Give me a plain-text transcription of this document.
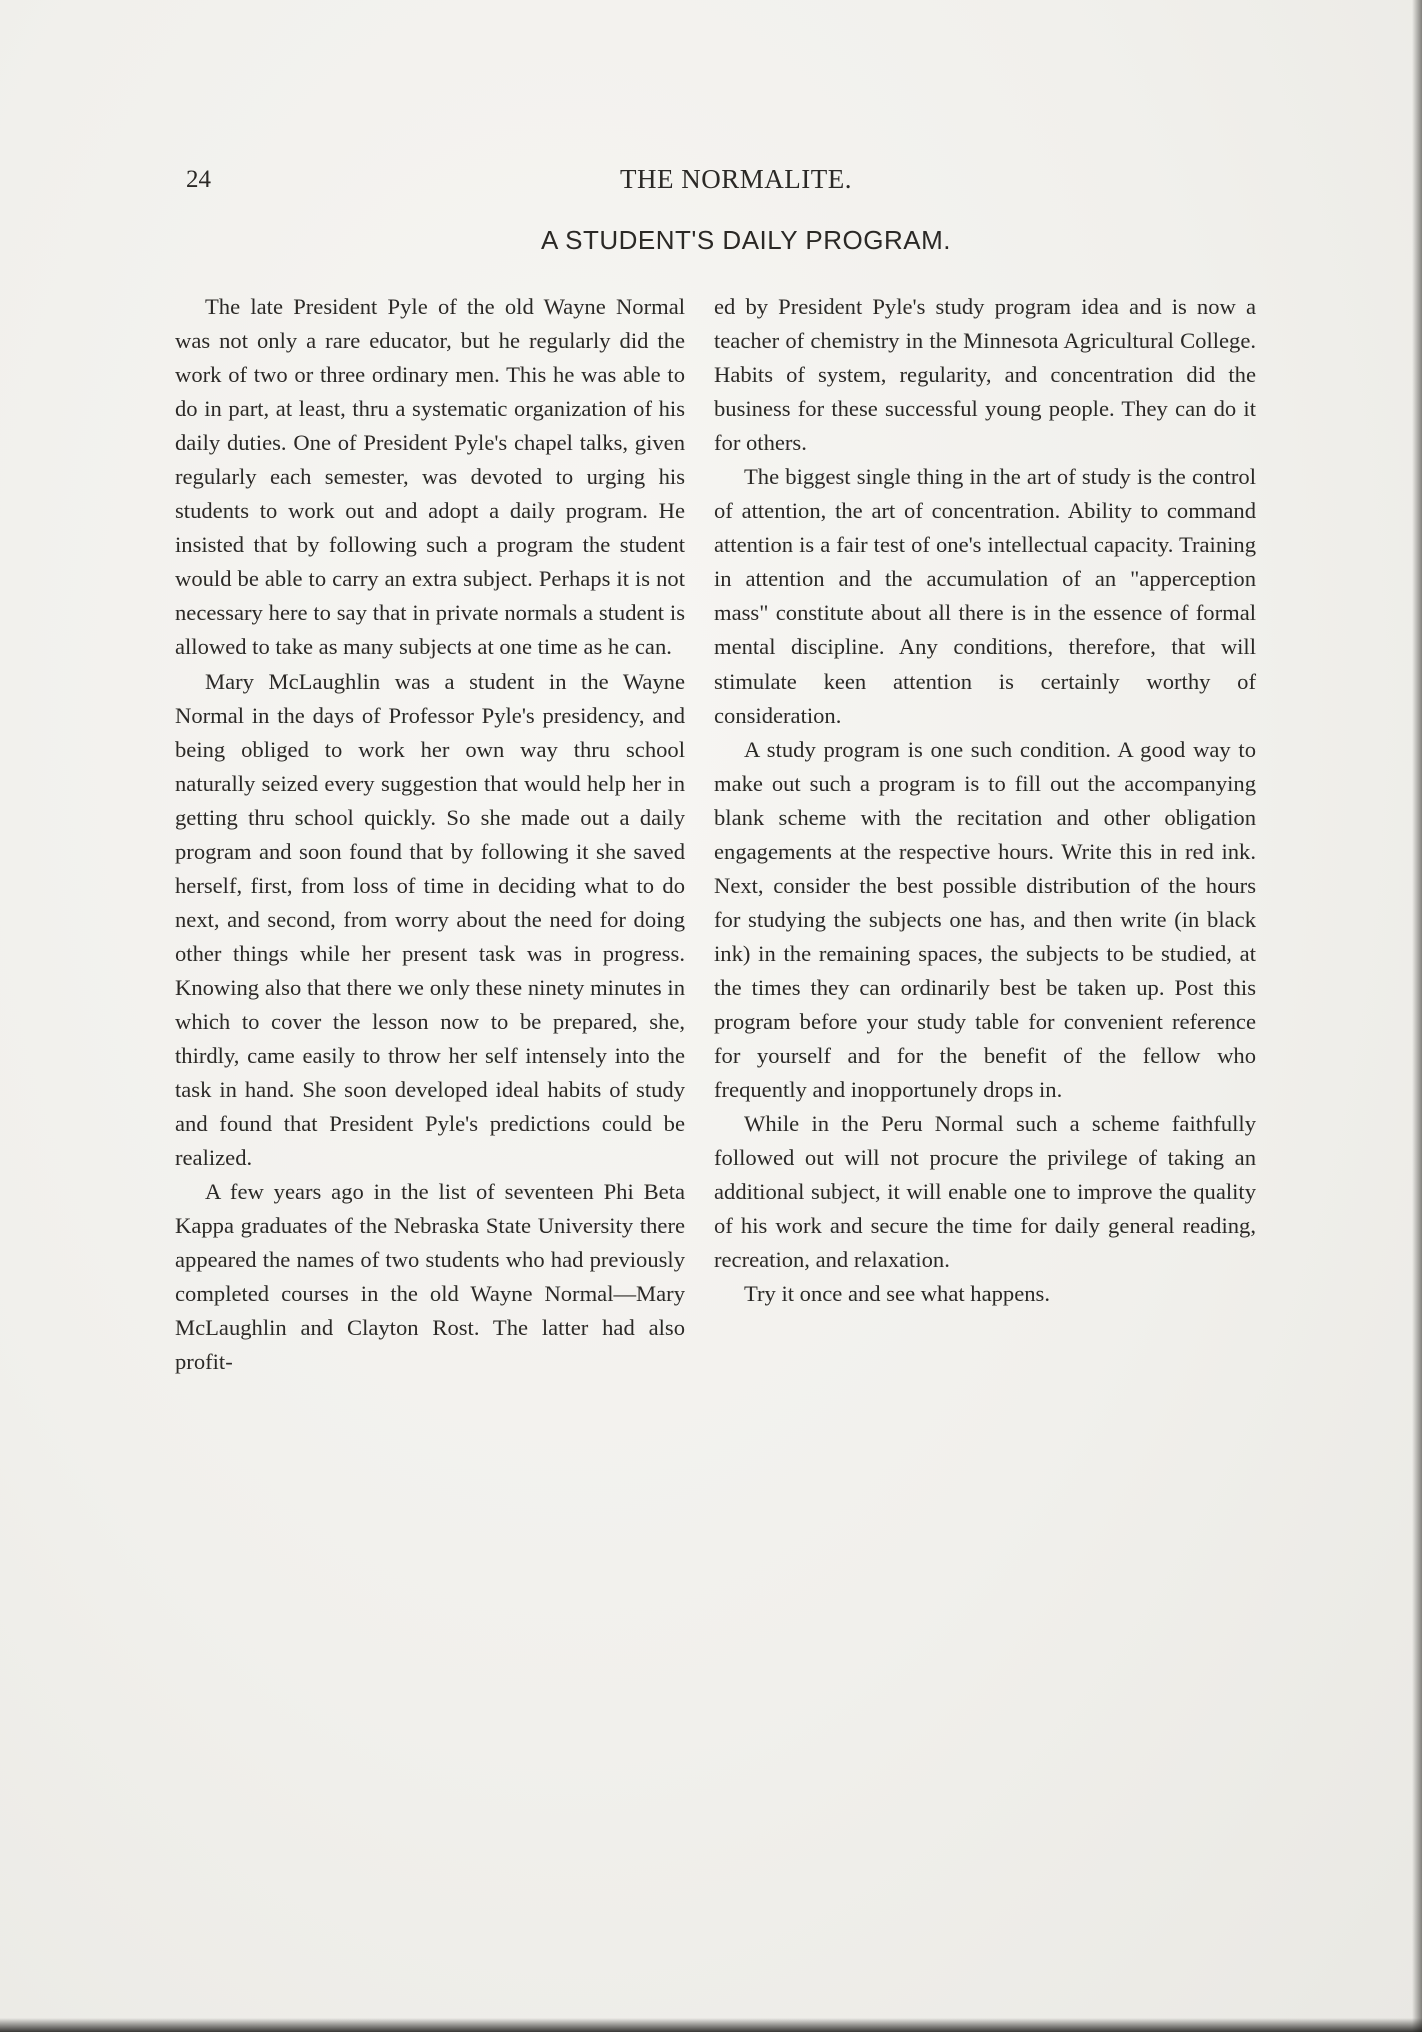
24	THE NORMALITE.
A STUDENT'S DAILY PROGRAM.

The late President Pyle of the old Wayne Normal was not only a rare educator, but he regularly did the work of two or three ordinary men. This he was able to do in part, at least, thru a systematic organization of his daily duties. One of President Pyle's chapel talks, given regularly each semester, was devoted to urging his students to work out and adopt a daily program. He insisted that by following such a program the student would be able to carry an extra subject. Perhaps it is not necessary here to say that in private normals a student is allowed to take as many subjects at one time as he can.

Mary McLaughlin was a student in the Wayne Normal in the days of Professor Pyle's presidency, and being obliged to work her own way thru school naturally seized every suggestion that would help her in getting thru school quickly. So she made out a daily program and soon found that by following it she saved herself, first, from loss of time in deciding what to do next, and second, from worry about the need for doing other things while her present task was in progress. Knowing also that there we only these ninety minutes in which to cover the lesson now to be prepared, she, thirdly, came easily to throw her self intensely into the task in hand. She soon developed ideal habits of study and found that President Pyle's predictions could be realized.

A few years ago in the list of seventeen Phi Beta Kappa graduates of the Nebraska State University there appeared the names of two students who had previously completed courses in the old Wayne Normal—Mary McLaughlin and Clayton Rost. The latter had also profit-

ed by President Pyle's study program idea and is now a teacher of chemistry in the Minnesota Agricultural College. Habits of system, regularity, and concentration did the business for these successful young people. They can do it for others.

The biggest single thing in the art of study is the control of attention, the art of concentration. Ability to command attention is a fair test of one's intellectual capacity. Training in attention and the accumulation of an "apperception mass" constitute about all there is in the essence of formal mental discipline. Any conditions, therefore, that will stimulate keen attention is certainly worthy of consideration.

A study program is one such condition. A good way to make out such a program is to fill out the accompanying blank scheme with the recitation and other obligation engagements at the respective hours. Write this in red ink. Next, consider the best possible distribution of the hours for studying the subjects one has, and then write (in black ink) in the remaining spaces, the subjects to be studied, at the times they can ordinarily best be taken up. Post this program before your study table for convenient reference for yourself and for the benefit of the fellow who frequently and inopportunely drops in.

While in the Peru Normal such a scheme faithfully followed out will not procure the privilege of taking an additional subject, it will enable one to improve the quality of his work and secure the time for daily general reading, recreation, and relaxation.

Try it once and see what happens.
